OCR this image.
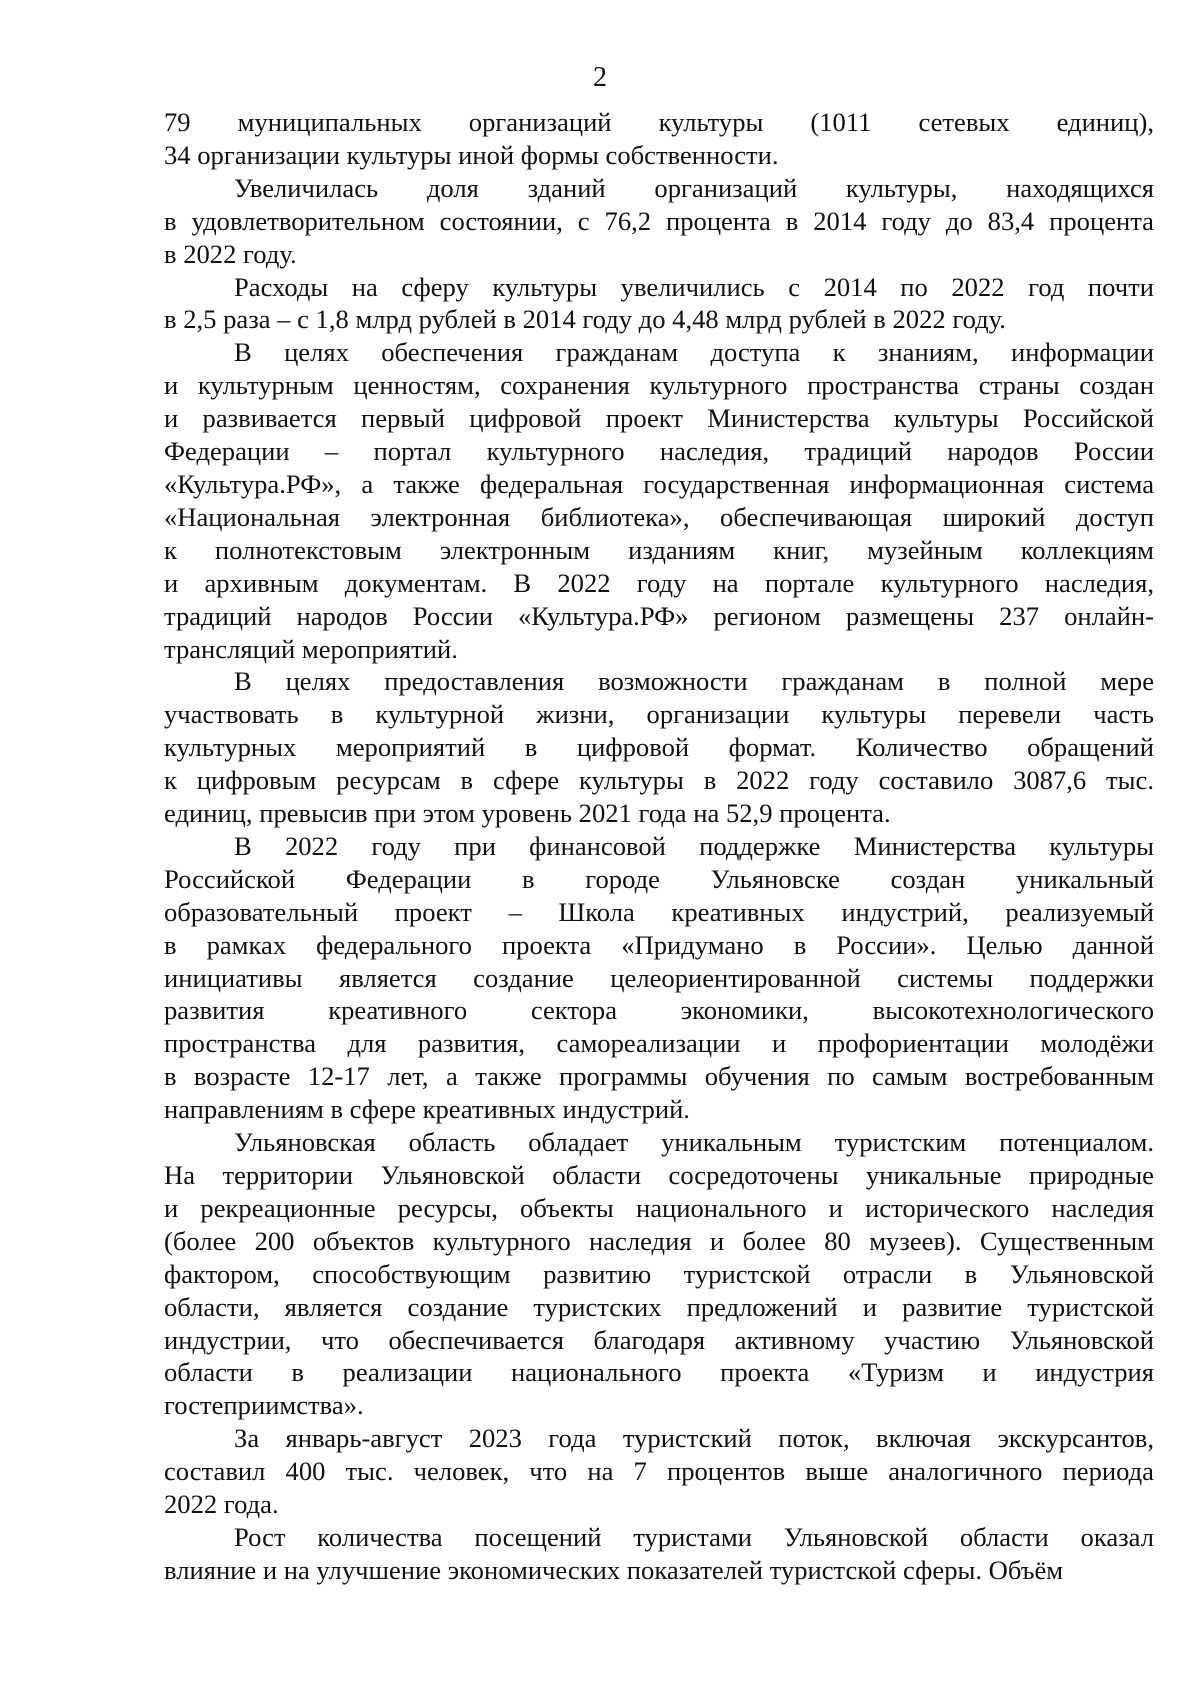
2
79 муниципальных организаций культуры (1011 сетевых единиц),
34 организации культуры иной формы собственности.
Увеличилась доля зданий организаций культуры, находящихся
в удовлетворительном состоянии, с 76,2 процента в 2014 году до 83,4 процента
в 2022 году.
Расходы на сферу культуры увеличились с 2014 по 2022 год почти
в 2,5 раза – с 1,8 млрд рублей в 2014 году до 4,48 млрд рублей в 2022 году.
В целях обеспечения гражданам доступа к знаниям, информации
и культурным ценностям, сохранения культурного пространства страны создан
и развивается первый цифровой проект Министерства культуры Российской
Федерации – портал культурного наследия, традиций народов России
«Культура.РФ», а также федеральная государственная информационная система
«Национальная электронная библиотека», обеспечивающая широкий доступ
к полнотекстовым электронным изданиям книг, музейным коллекциям
и архивным документам. В 2022 году на портале культурного наследия,
традиций народов России «Культура.РФ» регионом размещены 237 онлайн-
трансляций мероприятий.
В целях предоставления возможности гражданам в полной мере
участвовать в культурной жизни, организации культуры перевели часть
культурных мероприятий в цифровой формат. Количество обращений
к цифровым ресурсам в сфере культуры в 2022 году составило 3087,6 тыс.
единиц, превысив при этом уровень 2021 года на 52,9 процента.
В 2022 году при финансовой поддержке Министерства культуры
Российской Федерации в городе Ульяновске создан уникальный
образовательный проект – Школа креативных индустрий, реализуемый
в рамках федерального проекта «Придумано в России». Целью данной
инициативы является создание целеориентированной системы поддержки
развития креативного сектора экономики, высокотехнологического
пространства для развития, самореализации и профориентации молодёжи
в возрасте 12-17 лет, а также программы обучения по самым востребованным
направлениям в сфере креативных индустрий.
Ульяновская область обладает уникальным туристским потенциалом.
На территории Ульяновской области сосредоточены уникальные природные
и рекреационные ресурсы, объекты национального и исторического наследия
(более 200 объектов культурного наследия и более 80 музеев). Существенным
фактором, способствующим развитию туристской отрасли в Ульяновской
области, является создание туристских предложений и развитие туристской
индустрии, что обеспечивается благодаря активному участию Ульяновской
области в реализации национального проекта «Туризм и индустрия
гостеприимства».
За январь-август 2023 года туристский поток, включая экскурсантов,
составил 400 тыс. человек, что на 7 процентов выше аналогичного периода
2022 года.
Рост количества посещений туристами Ульяновской области оказал
влияние и на улучшение экономических показателей туристской сферы. Объём
